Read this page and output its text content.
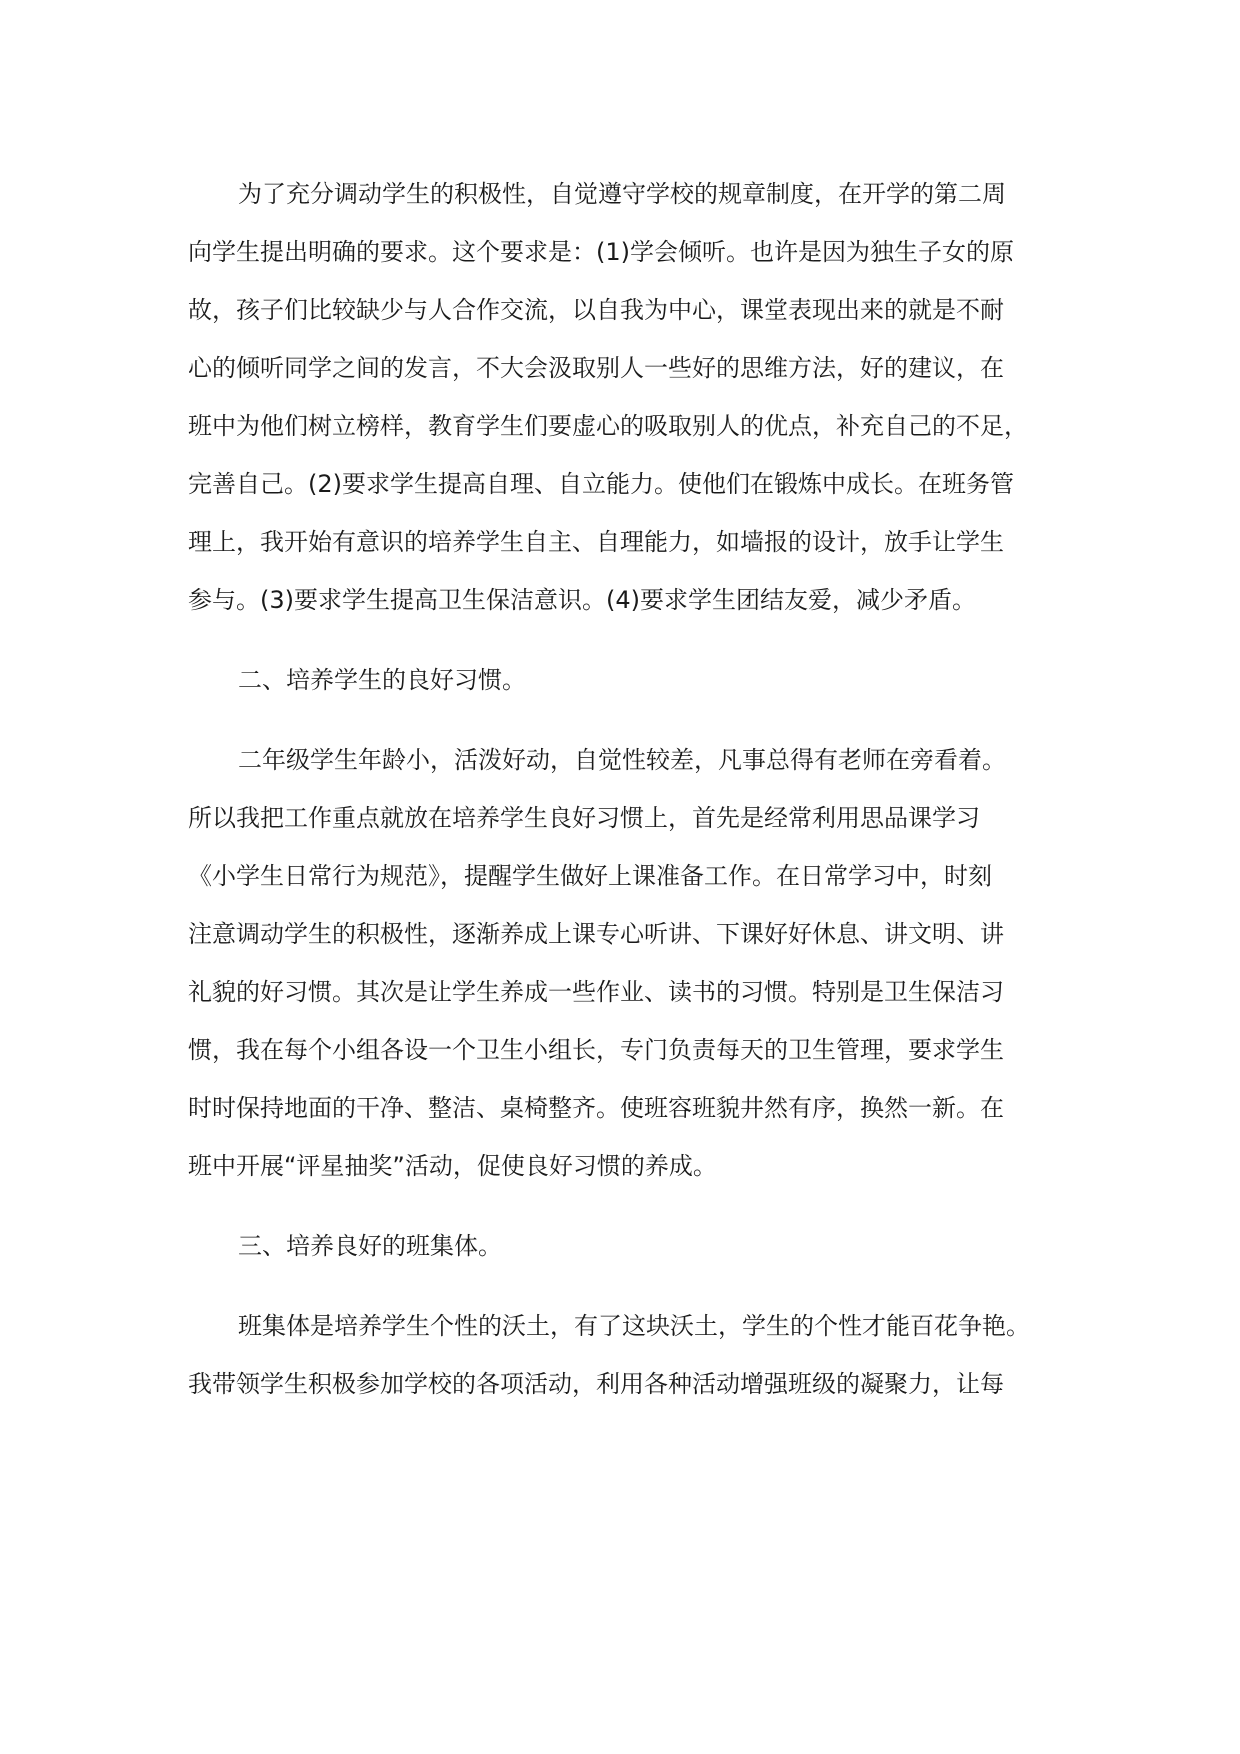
为了充分调动学生的积极性，自觉遵守学校的规章制度，在开学的第二周
向学生提出明确的要求。这个要求是：(1)学会倾听。也许是因为独生子女的原
故，孩子们比较缺少与人合作交流，以自我为中心，课堂表现出来的就是不耐
心的倾听同学之间的发言，不大会汲取别人一些好的思维方法，好的建议，在
班中为他们树立榜样，教育学生们要虚心的吸取别人的优点，补充自己的不足，
完善自己。(2)要求学生提高自理、自立能力。使他们在锻炼中成长。在班务管
理上，我开始有意识的培养学生自主、自理能力，如墙报的设计，放手让学生
参与。(3)要求学生提高卫生保洁意识。(4)要求学生团结友爱，减少矛盾。
二、培养学生的良好习惯。
二年级学生年龄小，活泼好动，自觉性较差，凡事总得有老师在旁看着。
所以我把工作重点就放在培养学生良好习惯上，首先是经常利用思品课学习
《小学生日常行为规范》，提醒学生做好上课准备工作。在日常学习中，时刻
注意调动学生的积极性，逐渐养成上课专心听讲、下课好好休息、讲文明、讲
礼貌的好习惯。其次是让学生养成一些作业、读书的习惯。特别是卫生保洁习
惯，我在每个小组各设一个卫生小组长，专门负责每天的卫生管理，要求学生
时时保持地面的干净、整洁、桌椅整齐。使班容班貌井然有序，换然一新。在
班中开展“评星抽奖”活动，促使良好习惯的养成。
三、培养良好的班集体。
班集体是培养学生个性的沃土，有了这块沃土，学生的个性才能百花争艳。
我带领学生积极参加学校的各项活动，利用各种活动增强班级的凝聚力，让每
